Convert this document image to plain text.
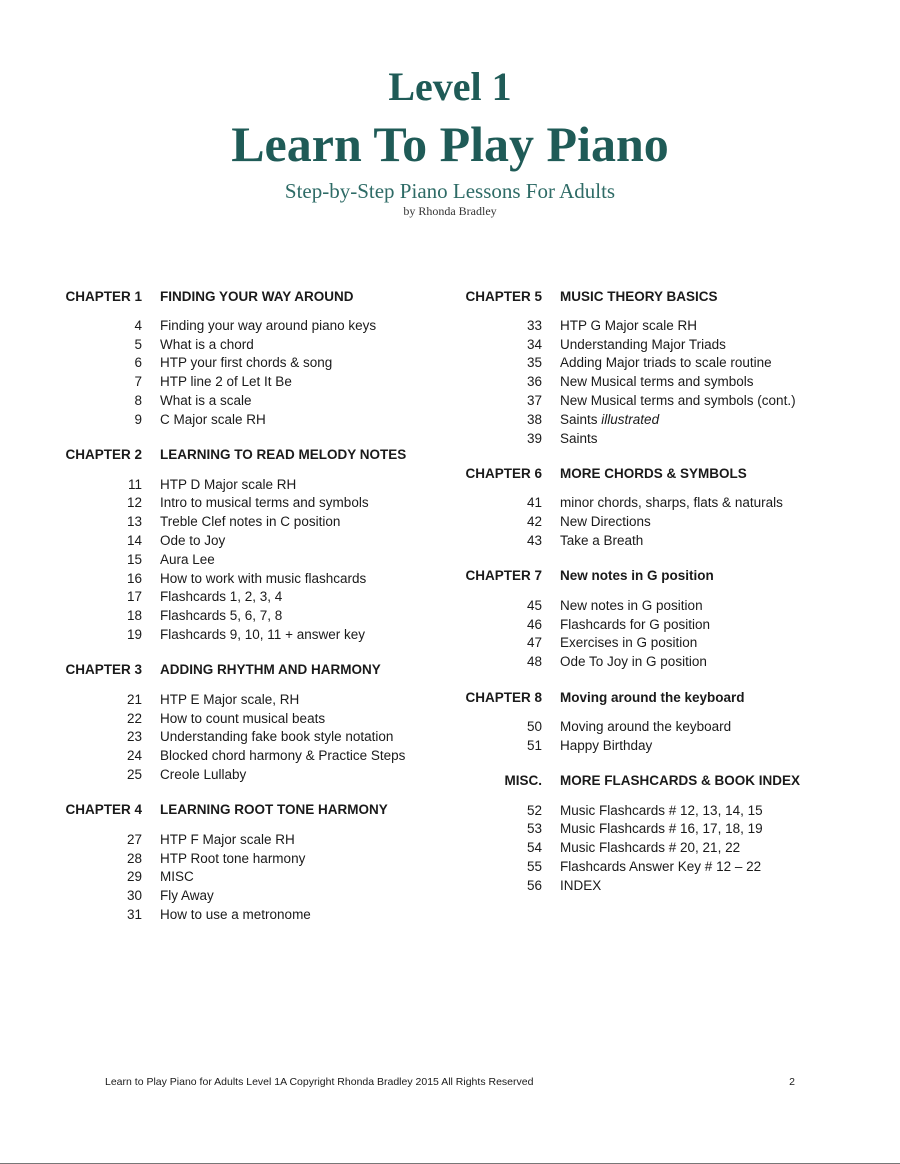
Level 1
Learn To Play Piano
Step-by-Step Piano Lessons For Adults
by Rhonda Bradley
CHAPTER 1	FINDING YOUR WAY AROUND
4	Finding your way around piano keys
5	What is a chord
6	HTP your first chords & song
7	HTP line 2 of Let It Be
8	What is a scale
9	C Major scale RH
CHAPTER 2	LEARNING TO READ MELODY NOTES
11	HTP D Major scale RH
12	Intro to musical terms and symbols
13	Treble Clef notes in C position
14	Ode to Joy
15	Aura Lee
16	How to work with music flashcards
17	Flashcards 1, 2, 3, 4
18	Flashcards 5, 6, 7, 8
19	Flashcards 9, 10, 11 + answer key
CHAPTER 3	ADDING RHYTHM AND HARMONY
21	HTP E Major scale, RH
22	How to count musical beats
23	Understanding fake book style notation
24	Blocked chord harmony & Practice Steps
25	Creole Lullaby
CHAPTER 4	LEARNING ROOT TONE HARMONY
27	HTP F Major scale RH
28	HTP Root tone harmony
29	MISC
30	Fly Away
31	How to use a metronome
CHAPTER 5	MUSIC THEORY BASICS
33	HTP G Major scale RH
34	Understanding Major Triads
35	Adding Major triads to scale routine
36	New Musical terms and symbols
37	New Musical terms and symbols (cont.)
38	Saints illustrated
39	Saints
CHAPTER 6	MORE CHORDS & SYMBOLS
41	minor chords, sharps, flats & naturals
42	New Directions
43	Take a Breath
CHAPTER 7	New notes in G position
45	New notes in G position
46	Flashcards for G position
47	Exercises in G position
48	Ode To Joy in G position
CHAPTER 8	Moving around the keyboard
50	Moving around the keyboard
51	Happy Birthday
MISC.	MORE FLASHCARDS & BOOK INDEX
52	Music Flashcards # 12, 13, 14, 15
53	Music Flashcards # 16, 17, 18, 19
54	Music Flashcards # 20, 21, 22
55	Flashcards Answer Key # 12 – 22
56	INDEX
Learn to Play Piano for Adults Level 1A Copyright Rhonda Bradley 2015 All Rights Reserved	2
